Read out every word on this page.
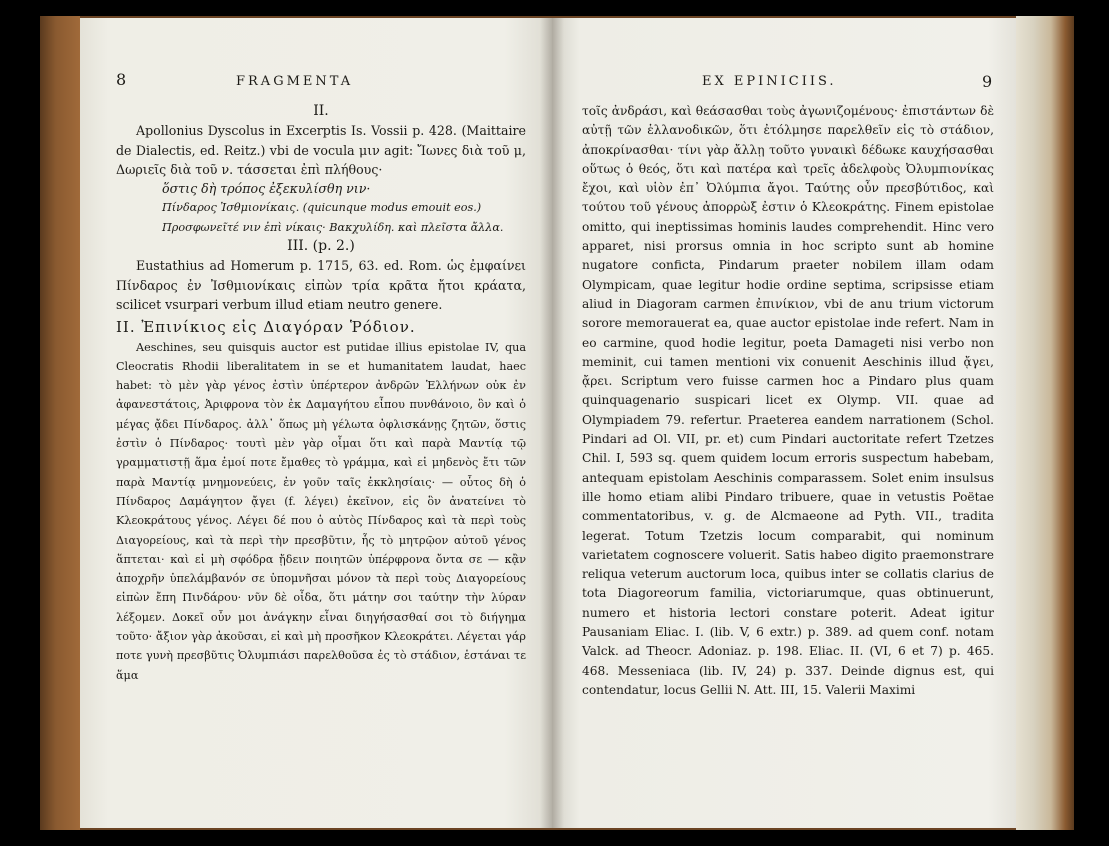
8	FRAGMENTA

II.

Apollonius Dyscolus in Excerptis Is. Vossii p. 428. (Maittaire de Dialectis, ed. Reitz.) vbi de vocula μιν agit: Ἴωνες διὰ τοῦ μ, Δωριεῖς διὰ τοῦ ν. τάσσεται ἐπὶ πλήθους·

ὅστις δὴ τρόπος ἐξεκυλίσθη νιν·

Πίνδαρος Ἰσθμιονίκαις. (quicunque modus emouit eos.)

Προσφωνεῖτέ νιν ἐπὶ νίκαις· Βακχυλίδη. καὶ πλεῖστα ἄλλα.

III. (p. 2.)

Eustathius ad Homerum p. 1715, 63. ed. Rom. ὡς ἐμφαίνει Πίνδαρος ἐν Ἰσθμιονίκαις εἰπὼν τρία κρᾶτα ἤτοι κράατα, scilicet vsurpari verbum illud etiam neutro genere.

II. Ἐπινίκιος εἰς Διαγόραν Ῥόδιον.

Aeschines, seu quisquis auctor est putidae illius epistolae IV, qua Cleocratis Rhodii liberalitatem in se et humanitatem laudat, haec habet: τὸ μὲν γὰρ γένος ἐστὶν ὑπέρτερον ἀνδρῶν Ἑλλήνων οὐκ ἐν ἀφανεστάτοις, Ἀριφρονα τὸν ἐκ Δαμαγήτου εἶπου πυνθάνοιο, ὃν καὶ ὁ μέγας ᾄδει Πίνδαρος. ἀλλ᾽ ὅπως μὴ γέλωτα ὀφλισκάνῃς ζητῶν, ὅστις ἐστὶν ὁ Πίνδαρος· τουτὶ μὲν γὰρ οἶμαι ὅτι καὶ παρὰ Μαντίᾳ τῷ γραμματιστῇ ἅμα ἐμοί ποτε ἔμαθες τὸ γράμμα, καὶ εἰ μηδενὸς ἔτι τῶν παρὰ Μαντίᾳ μνημονεύεις, ἐν γοῦν ταῖς ἐκκλησίαις· — οὗτος δὴ ὁ Πίνδαρος Δαμάγητον ᾄγει (f. λέγει) ἐκεῖνον, εἰς ὃν ἀνατείνει τὸ Κλεοκράτους γένος. Λέγει δέ που ὁ αὐτὸς Πίνδαρος καὶ τὰ περὶ τοὺς Διαγορείους, καὶ τὰ περὶ τὴν πρεσβῦτιν, ἧς τὸ μητρῷον αὐτοῦ γένος ἅπτεται· καὶ εἰ μὴ σφόδρα ᾔδειν ποιητῶν ὑπέρφρονα ὄντα σε — κᾂν ἀποχρῆν ὑπελάμβανόν σε ὑπομνῆσαι μόνον τὰ περὶ τοὺς Διαγορείους εἰπὼν ἔπη Πινδάρου· νῦν δὲ οἶδα, ὅτι μάτην σοι ταύτην τὴν λύραν λέξομεν. Δοκεῖ οὖν μοι ἀνάγκην εἶναι διηγήσασθαί σοι τὸ διήγημα τοῦτο· ἄξιον γὰρ ἀκοῦσαι, εἰ καὶ μὴ προσῆκον Κλεοκράτει. Λέγεται γάρ ποτε γυνὴ πρεσβῦτις Ὀλυμπιάσι παρελθοῦσα ἐς τὸ στάδιον, ἑστάναι τε ἅμα

EX EPINICIIS.	9

τοῖς ἀνδράσι, καὶ θεάσασθαι τοὺς ἀγωνιζομένους· ἐπιστάντων δὲ αὐτῇ τῶν ἑλλανοδικῶν, ὅτι ἐτόλμησε παρελθεῖν εἰς τὸ στάδιον, ἀποκρίνασθαι· τίνι γὰρ ἄλλῃ τοῦτο γυναικὶ δέδωκε καυχήσασθαι οὕτως ὁ θεός, ὅτι καὶ πατέρα καὶ τρεῖς ἀδελφοὺς Ὀλυμπιονίκας ἔχοι, καὶ υἱὸν ἐπ᾽ Ὀλύμπια ἄγοι. Ταύτης οὖν πρεσβύτιδος, καὶ τούτου τοῦ γένους ἀπορρὼξ ἐστιν ὁ Κλεοκράτης. Finem epistolae omitto, qui ineptissimas hominis laudes comprehendit. Hinc vero apparet, nisi prorsus omnia in hoc scripto sunt ab homine nugatore conficta, Pindarum praeter nobilem illam odam Olympicam, quae legitur hodie ordine septima, scripsisse etiam aliud in Diagoram carmen ἐπινίκιον, vbi de anu trium victorum sorore memorauerat ea, quae auctor epistolae inde refert. Nam in eo carmine, quod hodie legitur, poeta Damageti nisi verbo non meminit, cui tamen mentioni vix conuenit Aeschinis illud ᾄγει, ᾄρει. Scriptum vero fuisse carmen hoc a Pindaro plus quam quinquagenario suspicari licet ex Olymp. VII. quae ad Olympiadem 79. refertur. Praeterea eandem narrationem (Schol. Pindari ad Ol. VII, pr. et) cum Pindari auctoritate refert Tzetzes Chil. I, 593 sq. quem quidem locum erroris suspectum habebam, antequam epistolam Aeschinis comparassem. Solet enim insulsus ille homo etiam alibi Pindaro tribuere, quae in vetustis Poëtae commentatoribus, v. g. de Alcmaeone ad Pyth. VII., tradita legerat. Totum Tzetzis locum comparabit, qui nominum varietatem cognoscere voluerit. Satis habeo digito praemonstrare reliqua veterum auctorum loca, quibus inter se collatis clarius de tota Diagoreorum familia, victoriarumque, quas obtinuerunt, numero et historia lectori constare poterit. Adeat igitur Pausaniam Eliac. I. (lib. V, 6 extr.) p. 389. ad quem conf. notam Valck. ad Theocr. Adoniaz. p. 198. Eliac. II. (VI, 6 et 7) p. 465. 468. Messeniaca (lib. IV, 24) p. 337. Deinde dignus est, qui contendatur, locus Gellii N. Att. III, 15. Valerii Maximi
